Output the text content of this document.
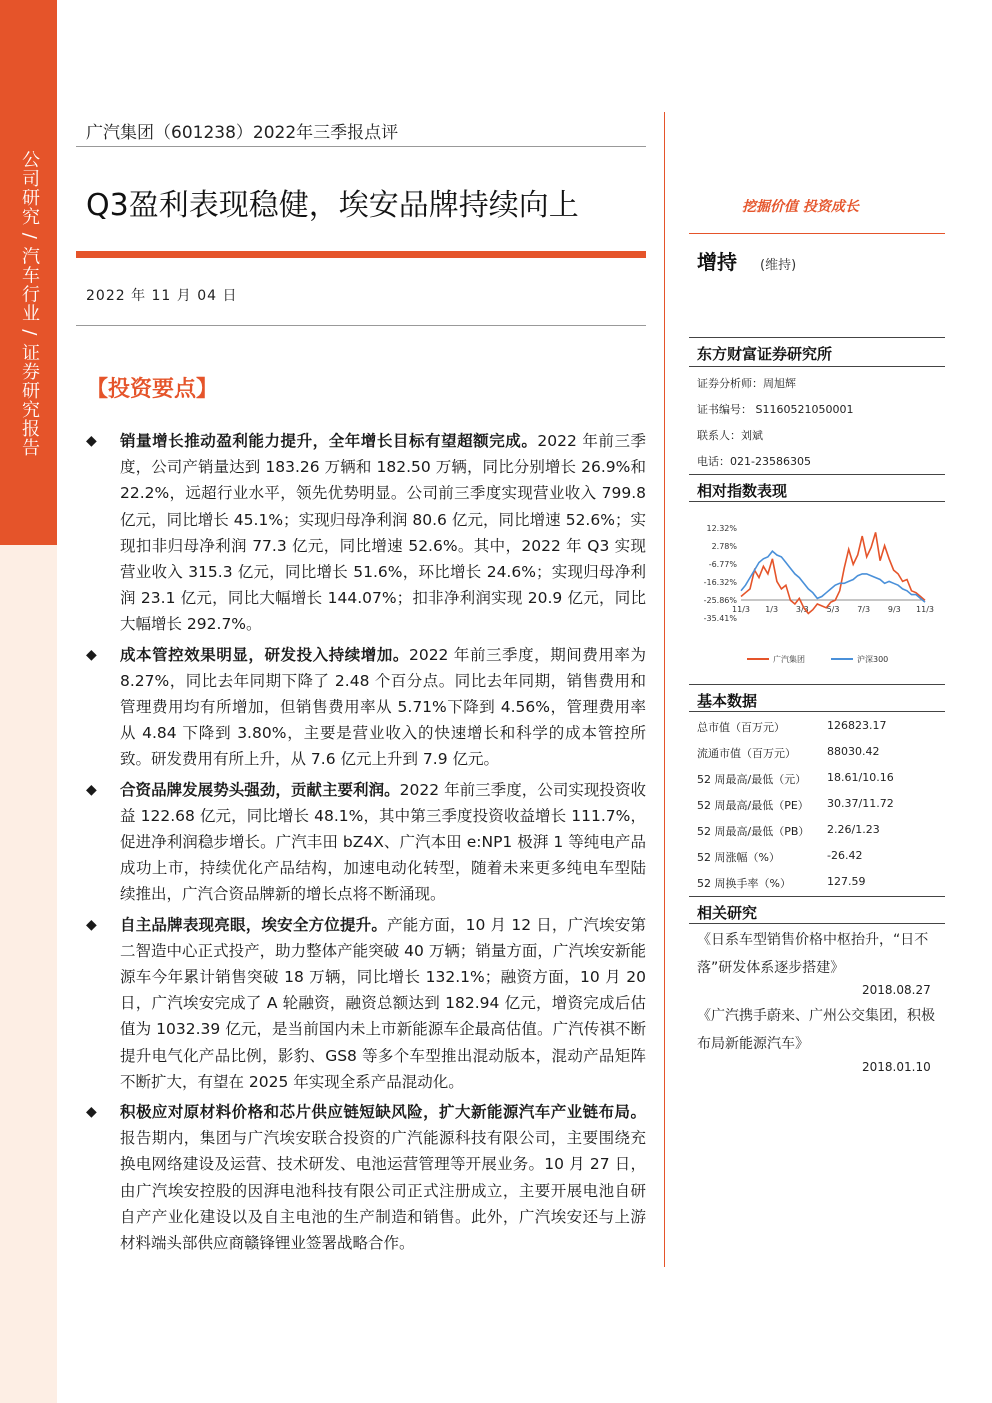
公司研究 / 汽车行业 / 证券研究报告
广汽集团（601238）2022年三季报点评
Q3盈利表现稳健，埃安品牌持续向上
2022 年 11 月 04 日
【投资要点】
◆ 销量增长推动盈利能力提升，全年增长目标有望超额完成。2022 年前三季度，公司产销量达到 183.26 万辆和 182.50 万辆，同比分别增长 26.9%和 22.2%，远超行业水平，领先优势明显。公司前三季度实现营业收入 799.8 亿元，同比增长 45.1%；实现归母净利润 80.6 亿元，同比增速 52.6%；实现扣非归母净利润 77.3 亿元，同比增速 52.6%。其中，2022 年 Q3 实现营业收入 315.3 亿元，同比增长 51.6%，环比增长 24.6%；实现归母净利润 23.1 亿元，同比大幅增长 144.07%；扣非净利润实现 20.9 亿元，同比大幅增长 292.7%。
◆ 成本管控效果明显，研发投入持续增加。2022 年前三季度，期间费用率为 8.27%，同比去年同期下降了 2.48 个百分点。同比去年同期，销售费用和管理费用均有所增加，但销售费用率从 5.71%下降到 4.56%，管理费用率从 4.84 下降到 3.80%，主要是营业收入的快速增长和科学的成本管控所致。研发费用有所上升，从 7.6 亿元上升到 7.9 亿元。
◆ 合资品牌发展势头强劲，贡献主要利润。2022 年前三季度，公司实现投资收益 122.68 亿元，同比增长 48.1%，其中第三季度投资收益增长 111.7%，促进净利润稳步增长。广汽丰田 bZ4X、广汽本田 e:NP1 极湃 1 等纯电产品成功上市，持续优化产品结构，加速电动化转型，随着未来更多纯电车型陆续推出，广汽合资品牌新的增长点将不断涌现。
◆ 自主品牌表现亮眼，埃安全方位提升。产能方面，10 月 12 日，广汽埃安第二智造中心正式投产，助力整体产能突破 40 万辆；销量方面，广汽埃安新能源车今年累计销售突破 18 万辆，同比增长 132.1%；融资方面，10 月 20 日，广汽埃安完成了 A 轮融资，融资总额达到 182.94 亿元，增资完成后估值为 1032.39 亿元，是当前国内未上市新能源车企最高估值。广汽传祺不断提升电气化产品比例，影豹、GS8 等多个车型推出混动版本，混动产品矩阵不断扩大，有望在 2025 年实现全系产品混动化。
◆ 积极应对原材料价格和芯片供应链短缺风险，扩大新能源汽车产业链布局。报告期内，集团与广汽埃安联合投资的广汽能源科技有限公司，主要围绕充换电网络建设及运营、技术研发、电池运营管理等开展业务。10 月 27 日，由广汽埃安控股的因湃电池科技有限公司正式注册成立，主要开展电池自研自产产业化建设以及自主电池的生产制造和销售。此外，广汽埃安还与上游材料端头部供应商赣锋锂业签署战略合作。
挖掘价值 投资成长
增持 (维持)
东方财富证券研究所
证券分析师：周旭辉
证书编号： S1160521050001
联系人：刘斌
电话：021-23586305
相对指数表现
12.32%
2.78%
-6.77%
-16.32%
-25.86%
-35.41%
11/3 1/3 3/3 5/3 7/3 9/3 11/3
广汽集团	沪深300
基本数据
总市值（百万元）	126823.17
流通市值（百万元）	88030.42
52 周最高/最低（元） 18.61/10.16
52 周最高/最低（PE） 30.37/11.72
52 周最高/最低（PB） 2.26/1.23
52 周涨幅（%）	-26.42
52 周换手率（%）	127.59
相关研究
《日系车型销售价格中枢抬升，“日不落”研发体系逐步搭建》
2018.08.27
《广汽携手蔚来、广州公交集团，积极布局新能源汽车》
2018.01.10
